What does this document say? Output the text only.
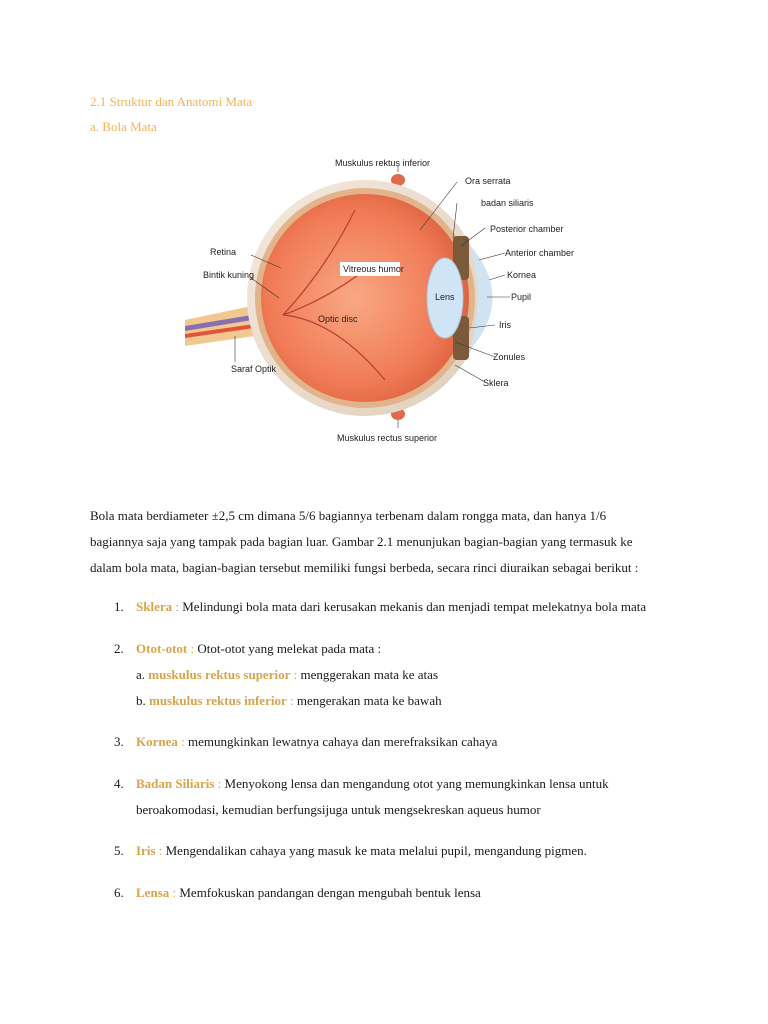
2.1 Struktur dan Anatomi Mata
a. Bola Mata
Muskulus rektus inferior
Muskulus rectus superior
Retina
Bintik kuning
Saraf Optik
Vitreous humor
Optic disc
Lens
Ora serrata
badan siliaris
Posterior chamber
Anterior chamber
Kornea
Pupil
Iris
Zonules
Sklera
Bola mata berdiameter ±2,5 cm dimana 5/6 bagiannya terbenam dalam rongga mata, dan hanya 1/6
bagiannya saja yang tampak pada bagian luar. Gambar 2.1 menunjukan bagian-bagian yang termasuk ke
dalam bola mata, bagian-bagian tersebut memiliki fungsi berbeda, secara rinci diuraikan sebagai berikut :
1. Sklera : Melindungi bola mata dari kerusakan mekanis dan menjadi tempat melekatnya bola mata
2. Otot-otot : Otot-otot yang melekat pada mata :
a. muskulus rektus superior : menggerakan mata ke atas
b. muskulus rektus inferior : mengerakan mata ke bawah
3. Kornea : memungkinkan lewatnya cahaya dan merefraksikan cahaya
4. Badan Siliaris : Menyokong lensa dan mengandung otot yang memungkinkan lensa untuk
beroakomodasi, kemudian berfungsijuga untuk mengsekreskan aqueus humor
5. Iris : Mengendalikan cahaya yang masuk ke mata melalui pupil, mengandung pigmen.
6. Lensa : Memfokuskan pandangan dengan mengubah bentuk lensa
